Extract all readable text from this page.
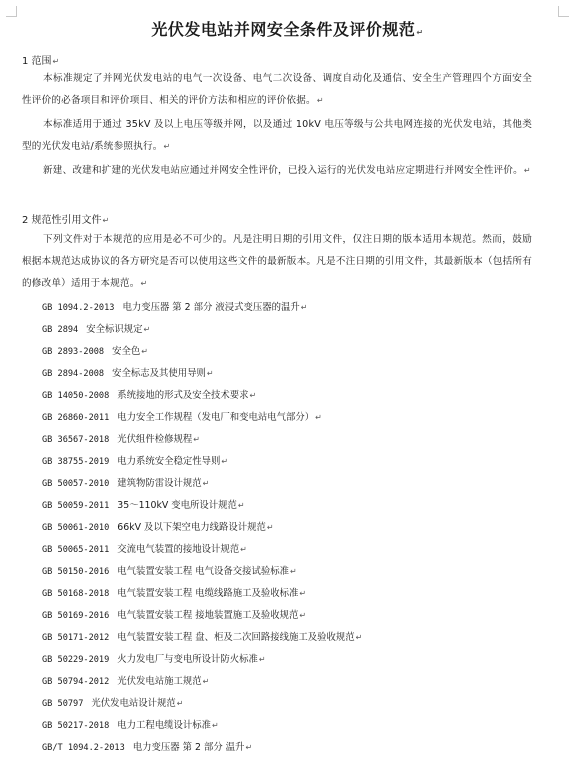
光伏发电站并网安全条件及评价规范↵
1 范围↵
本标准规定了并网光伏发电站的电气一次设备、电气二次设备、调度自动化及通信、安全生产管理四个方面安全性评价的必备项目和评价项目、相关的评价方法和相应的评价依据。↵
本标准适用于通过 35kV 及以上电压等级并网，以及通过 10kV 电压等级与公共电网连接的光伏发电站，其他类型的光伏发电站/系统参照执行。↵
新建、改建和扩建的光伏发电站应通过并网安全性评价，已投入运行的光伏发电站应定期进行并网安全性评价。↵
2 规范性引用文件↵
下列文件对于本规范的应用是必不可少的。凡是注明日期的引用文件，仅注日期的版本适用本规范。然而，鼓励根据本规范达成协议的各方研究是否可以使用这些文件的最新版本。凡是不注日期的引用文件，其最新版本（包括所有的修改单）适用于本规范。↵
GB 1094.2-2013 电力变压器 第 2 部分 液浸式变压器的温升↵
GB 2894 安全标识规定↵
GB 2893-2008 安全色↵
GB 2894-2008 安全标志及其使用导则↵
GB 14050-2008 系统接地的形式及安全技术要求↵
GB 26860-2011 电力安全工作规程（发电厂和变电站电气部分）↵
GB 36567-2018 光伏组件检修规程↵
GB 38755-2019 电力系统安全稳定性导则↵
GB 50057-2010 建筑物防雷设计规范↵
GB 50059-2011 35～110kV 变电所设计规范↵
GB 50061-2010 66kV 及以下架空电力线路设计规范↵
GB 50065-2011 交流电气装置的接地设计规范↵
GB 50150-2016 电气装置安装工程 电气设备交接试验标准↵
GB 50168-2018 电气装置安装工程 电缆线路施工及验收标准↵
GB 50169-2016 电气装置安装工程 接地装置施工及验收规范↵
GB 50171-2012 电气装置安装工程 盘、柜及二次回路接线施工及验收规范↵
GB 50229-2019 火力发电厂与变电所设计防火标准↵
GB 50794-2012 光伏发电站施工规范↵
GB 50797 光伏发电站设计规范↵
GB 50217-2018 电力工程电缆设计标准↵
GB/T 1094.2-2013 电力变压器 第 2 部分 温升↵
